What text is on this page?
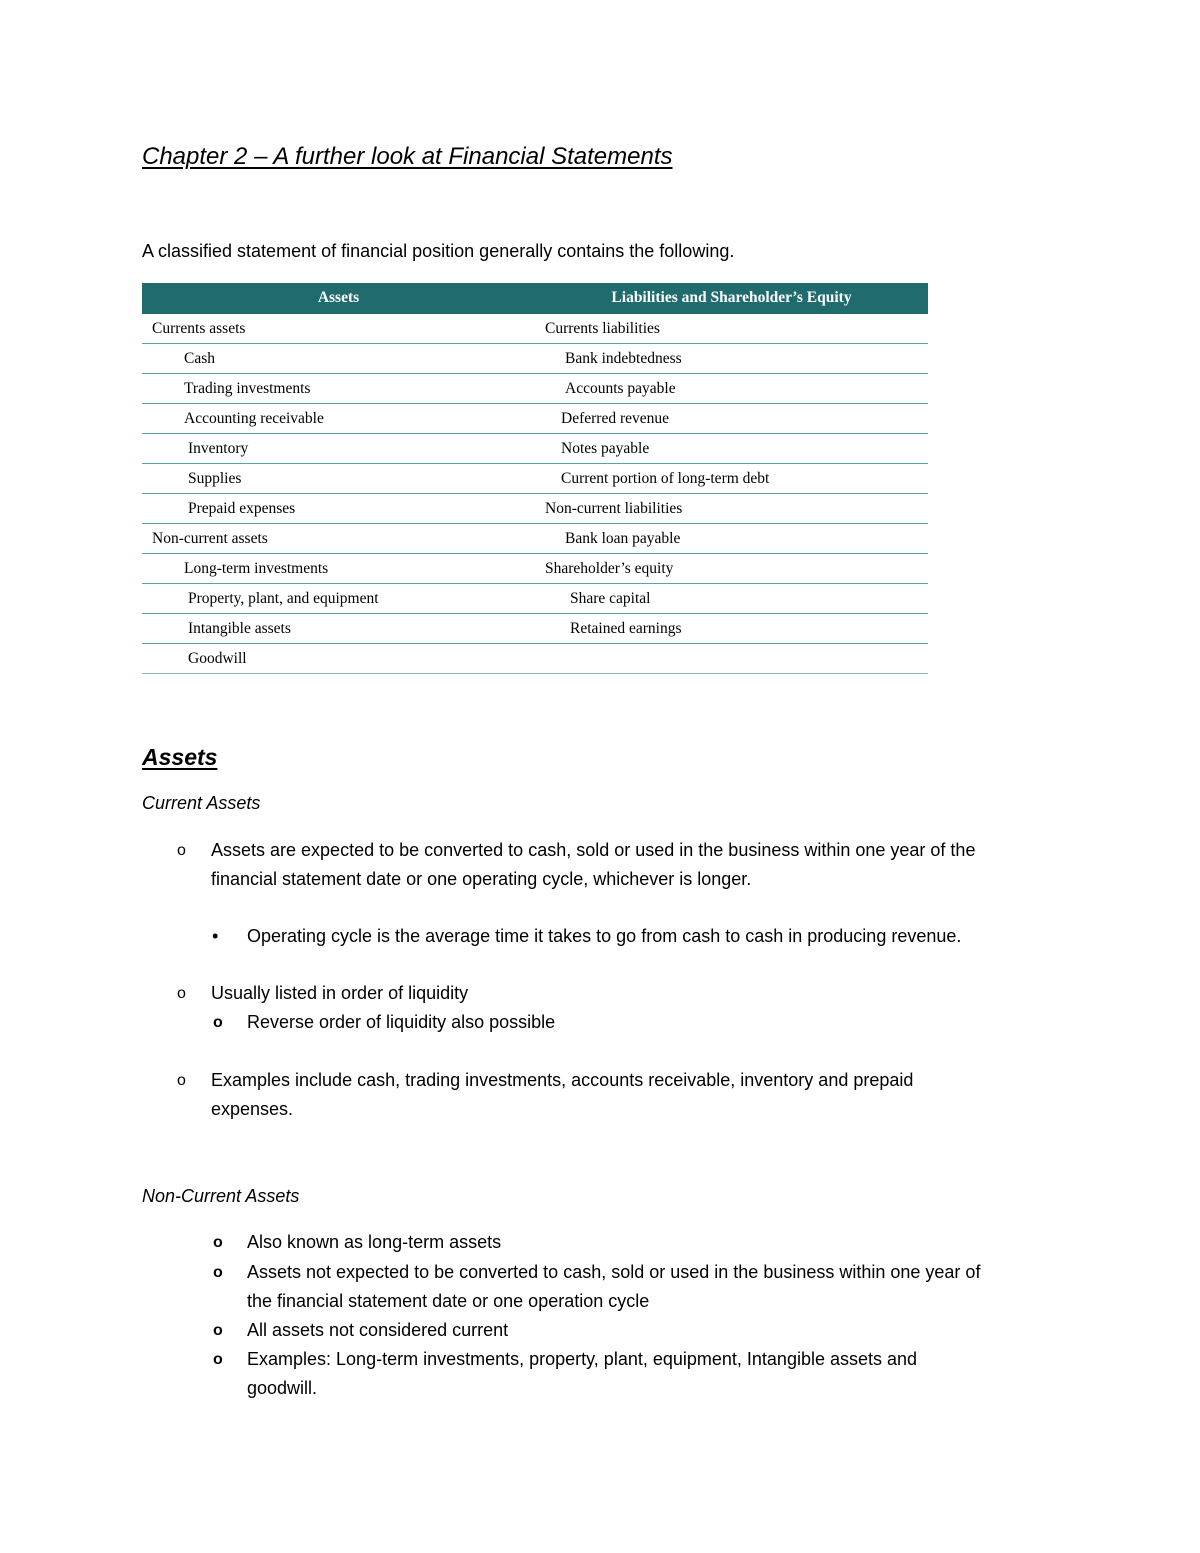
Chapter 2 – A further look at Financial Statements
A classified statement of financial position generally contains the following.
Assets	Liabilities and Shareholder’s Equity
Currents assets	Currents liabilities
Cash	Bank indebtedness
Trading investments	Accounts payable
Accounting receivable	Deferred revenue
Inventory	Notes payable
Supplies	Current portion of long-term debt
Prepaid expenses	Non-current liabilities
Non-current assets	Bank loan payable
Long-term investments	Shareholder’s equity
Property, plant, and equipment	Share capital
Intangible assets	Retained earnings
Goodwill	
Assets
Current Assets
o Assets are expected to be converted to cash, sold or used in the business within one year of the
financial statement date or one operating cycle, whichever is longer.
• Operating cycle is the average time it takes to go from cash to cash in producing revenue.
o Usually listed in order of liquidity
o Reverse order of liquidity also possible
o Examples include cash, trading investments, accounts receivable, inventory and prepaid
expenses.
Non-Current Assets
o Also known as long-term assets
o Assets not expected to be converted to cash, sold or used in the business within one year of
the financial statement date or one operation cycle
o All assets not considered current
o Examples: Long-term investments, property, plant, equipment, Intangible assets and
goodwill.
